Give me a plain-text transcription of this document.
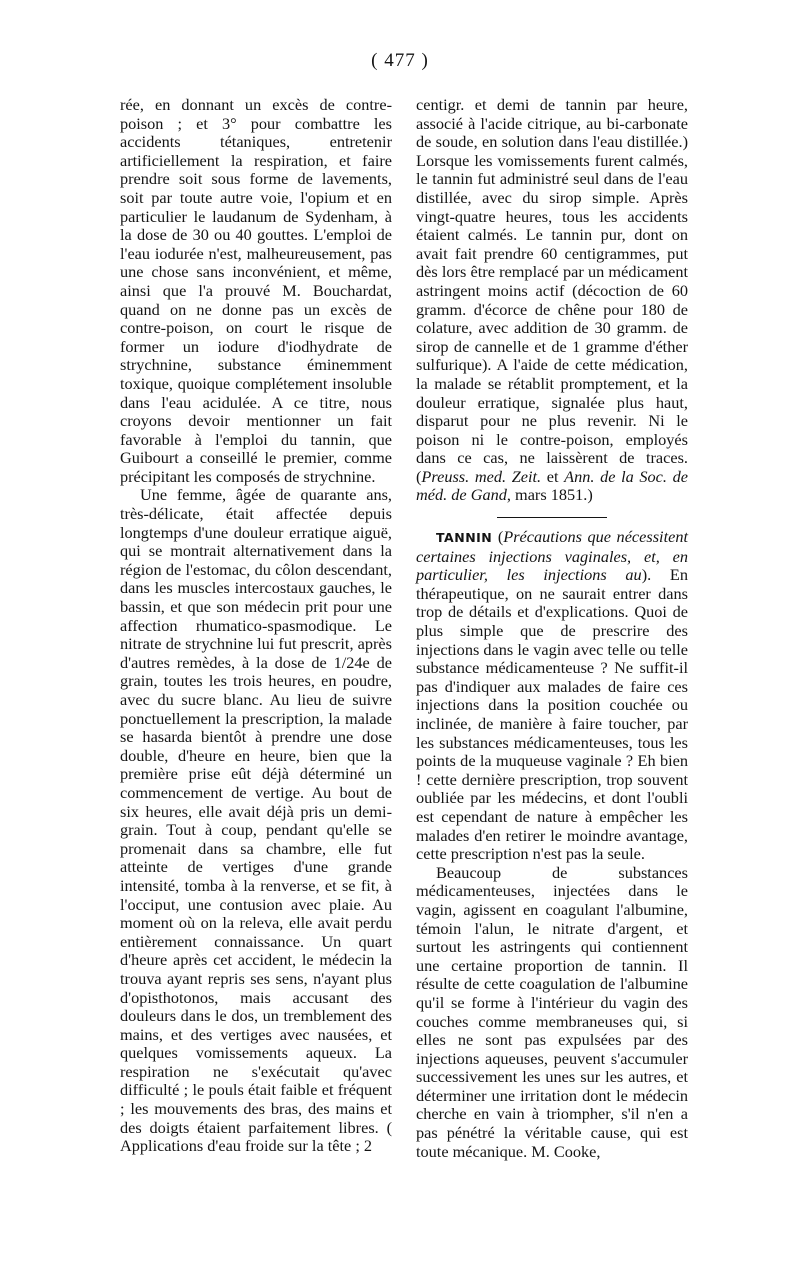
( 477 )

rée, en donnant un excès de contre-poison ; et 3° pour combattre les accidents tétaniques, entretenir artificiellement la respiration, et faire prendre soit sous forme de lavements, soit par toute autre voie, l'opium et en particulier le laudanum de Sydenham, à la dose de 30 ou 40 gouttes. L'emploi de l'eau iodurée n'est, malheureusement, pas une chose sans inconvénient, et même, ainsi que l'a prouvé M. Bouchardat, quand on ne donne pas un excès de contre-poison, on court le risque de former un iodure d'iodhydrate de strychnine, substance éminemment toxique, quoique complétement insoluble dans l'eau acidulée. A ce titre, nous croyons devoir mentionner un fait favorable à l'emploi du tannin, que Guibourt a conseillé le premier, comme précipitant les composés de strychnine.

Une femme, âgée de quarante ans, très-délicate, était affectée depuis longtemps d'une douleur erratique aiguë, qui se montrait alternativement dans la région de l'estomac, du côlon descendant, dans les muscles intercostaux gauches, le bassin, et que son médecin prit pour une affection rhumatico-spasmodique. Le nitrate de strychnine lui fut prescrit, après d'autres remèdes, à la dose de 1/24e de grain, toutes les trois heures, en poudre, avec du sucre blanc. Au lieu de suivre ponctuellement la prescription, la malade se hasarda bientôt à prendre une dose double, d'heure en heure, bien que la première prise eût déjà déterminé un commencement de vertige. Au bout de six heures, elle avait déjà pris un demi-grain. Tout à coup, pendant qu'elle se promenait dans sa chambre, elle fut atteinte de vertiges d'une grande intensité, tomba à la renverse, et se fit, à l'occiput, une contusion avec plaie. Au moment où on la releva, elle avait perdu entièrement connaissance. Un quart d'heure après cet accident, le médecin la trouva ayant repris ses sens, n'ayant plus d'opisthotonos, mais accusant des douleurs dans le dos, un tremblement des mains, et des vertiges avec nausées, et quelques vomissements aqueux. La respiration ne s'exécutait qu'avec difficulté ; le pouls était faible et fréquent ; les mouvements des bras, des mains et des doigts étaient parfaitement libres. ( Applications d'eau froide sur la tête ; 2

centigr. et demi de tannin par heure, associé à l'acide citrique, au bi-carbonate de soude, en solution dans l'eau distillée.) Lorsque les vomissements furent calmés, le tannin fut administré seul dans de l'eau distillée, avec du sirop simple. Après vingt-quatre heures, tous les accidents étaient calmés. Le tannin pur, dont on avait fait prendre 60 centigrammes, put dès lors être remplacé par un médicament astringent moins actif (décoction de 60 gramm. d'écorce de chêne pour 180 de colature, avec addition de 30 gramm. de sirop de cannelle et de 1 gramme d'éther sulfurique). A l'aide de cette médication, la malade se rétablit promptement, et la douleur erratique, signalée plus haut, disparut pour ne plus revenir. Ni le poison ni le contre-poison, employés dans ce cas, ne laissèrent de traces. (Preuss. med. Zeit. et Ann. de la Soc. de méd. de Gand, mars 1851.)

TANNIN (Précautions que nécessitent certaines injections vaginales, et, en particulier, les injections au). En thérapeutique, on ne saurait entrer dans trop de détails et d'explications. Quoi de plus simple que de prescrire des injections dans le vagin avec telle ou telle substance médicamenteuse ? Ne suffit-il pas d'indiquer aux malades de faire ces injections dans la position couchée ou inclinée, de manière à faire toucher, par les substances médicamenteuses, tous les points de la muqueuse vaginale ? Eh bien ! cette dernière prescription, trop souvent oubliée par les médecins, et dont l'oubli est cependant de nature à empêcher les malades d'en retirer le moindre avantage, cette prescription n'est pas la seule.

Beaucoup de substances médicamenteuses, injectées dans le vagin, agissent en coagulant l'albumine, témoin l'alun, le nitrate d'argent, et surtout les astringents qui contiennent une certaine proportion de tannin. Il résulte de cette coagulation de l'albumine qu'il se forme à l'intérieur du vagin des couches comme membraneuses qui, si elles ne sont pas expulsées par des injections aqueuses, peuvent s'accumuler successivement les unes sur les autres, et déterminer une irritation dont le médecin cherche en vain à triompher, s'il n'en a pas pénétré la véritable cause, qui est toute mécanique. M. Cooke,
